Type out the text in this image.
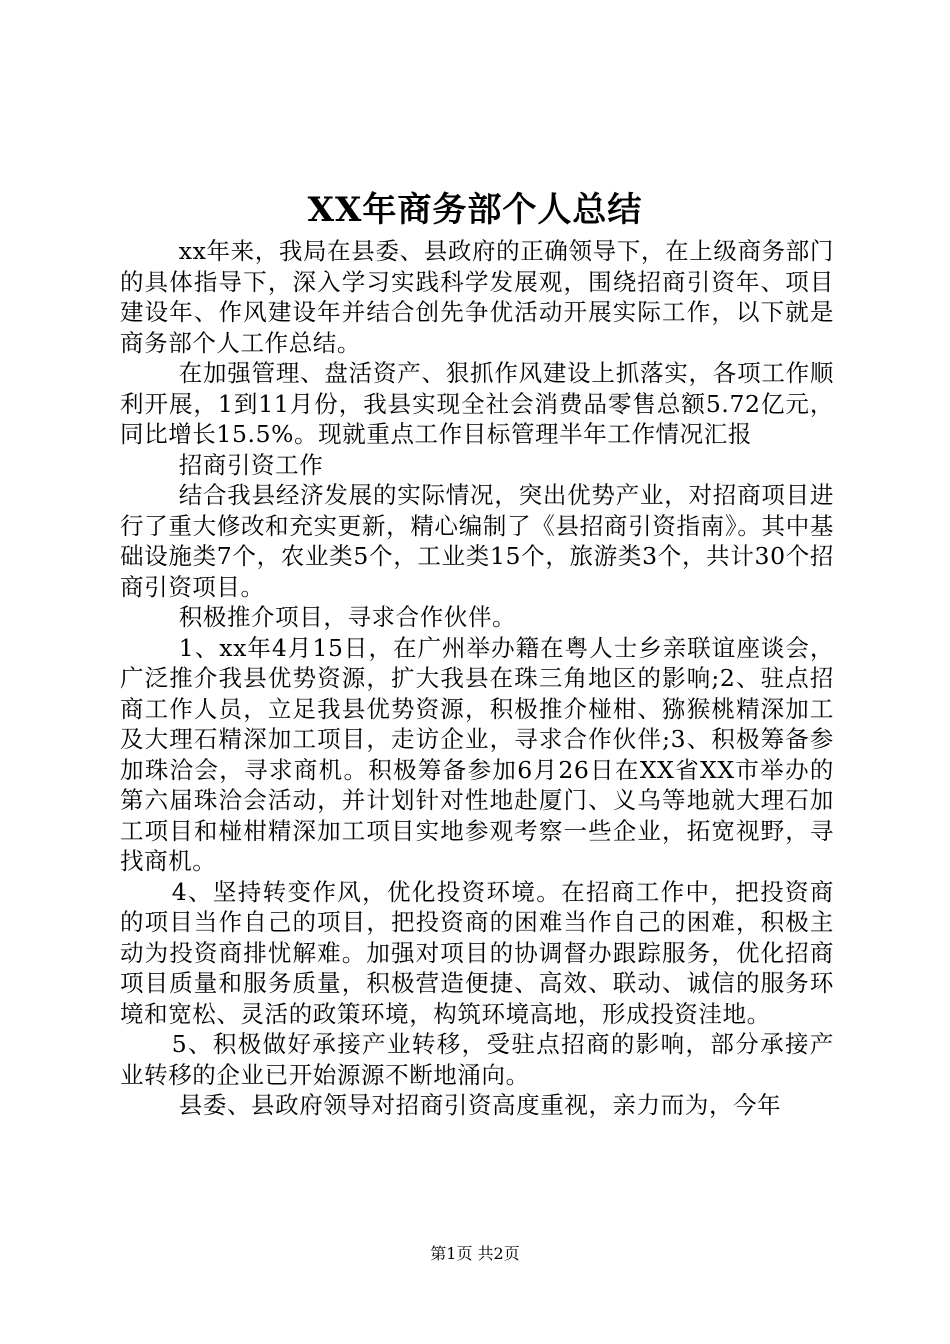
XX年商务部个人总结

xx年来，我局在县委、县政府的正确领导下，在上级商务部门的具体指导下，深入学习实践科学发展观，围绕招商引资年、项目建设年、作风建设年并结合创先争优活动开展实际工作，以下就是商务部个人工作总结。

在加强管理、盘活资产、狠抓作风建设上抓落实，各项工作顺利开展，1到11月份，我县实现全社会消费品零售总额5.72亿元，同比增长15.5%。现就重点工作目标管理半年工作情况汇报

招商引资工作

结合我县经济发展的实际情况，突出优势产业，对招商项目进行了重大修改和充实更新，精心编制了《县招商引资指南》。其中基础设施类7个，农业类5个，工业类15个，旅游类3个，共计30个招商引资项目。

积极推介项目，寻求合作伙伴。

1、xx年4月15日，在广州举办籍在粤人士乡亲联谊座谈会，广泛推介我县优势资源，扩大我县在珠三角地区的影响;2、驻点招商工作人员，立足我县优势资源，积极推介椪柑、猕猴桃精深加工及大理石精深加工项目，走访企业，寻求合作伙伴;3、积极筹备参加珠洽会，寻求商机。积极筹备参加6月26日在XX省XX市举办的第六届珠洽会活动，并计划针对性地赴厦门、义乌等地就大理石加工项目和椪柑精深加工项目实地参观考察一些企业，拓宽视野，寻找商机。

4、坚持转变作风，优化投资环境。在招商工作中，把投资商的项目当作自己的项目，把投资商的困难当作自己的困难，积极主动为投资商排忧解难。加强对项目的协调督办跟踪服务，优化招商项目质量和服务质量，积极营造便捷、高效、联动、诚信的服务环境和宽松、灵活的政策环境，构筑环境高地，形成投资洼地。

5、积极做好承接产业转移，受驻点招商的影响，部分承接产业转移的企业已开始源源不断地涌向。

县委、县政府领导对招商引资高度重视，亲力而为，今年

第1页 共2页
